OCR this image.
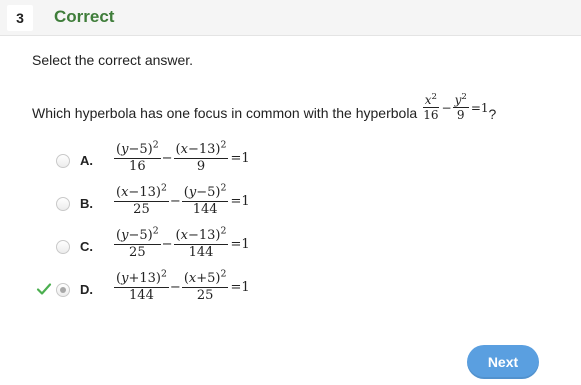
3	Correct
Select the correct answer.
Which hyperbola has one focus in common with the hyperbola $\frac{x^2}{16} - \frac{y^2}{9} =1$ ?
A. $\frac{(y-5)^2}{16} - \frac{(x-13)^2}{9} =1$
B. $\frac{(x-13)^2}{25} - \frac{(y-5)^2}{144} =1$
C. $\frac{(y-5)^2}{25} - \frac{(x-13)^2}{144} =1$
D. $\frac{(y+13)^2}{144} - \frac{(x+5)^2}{25} =1$
Next
